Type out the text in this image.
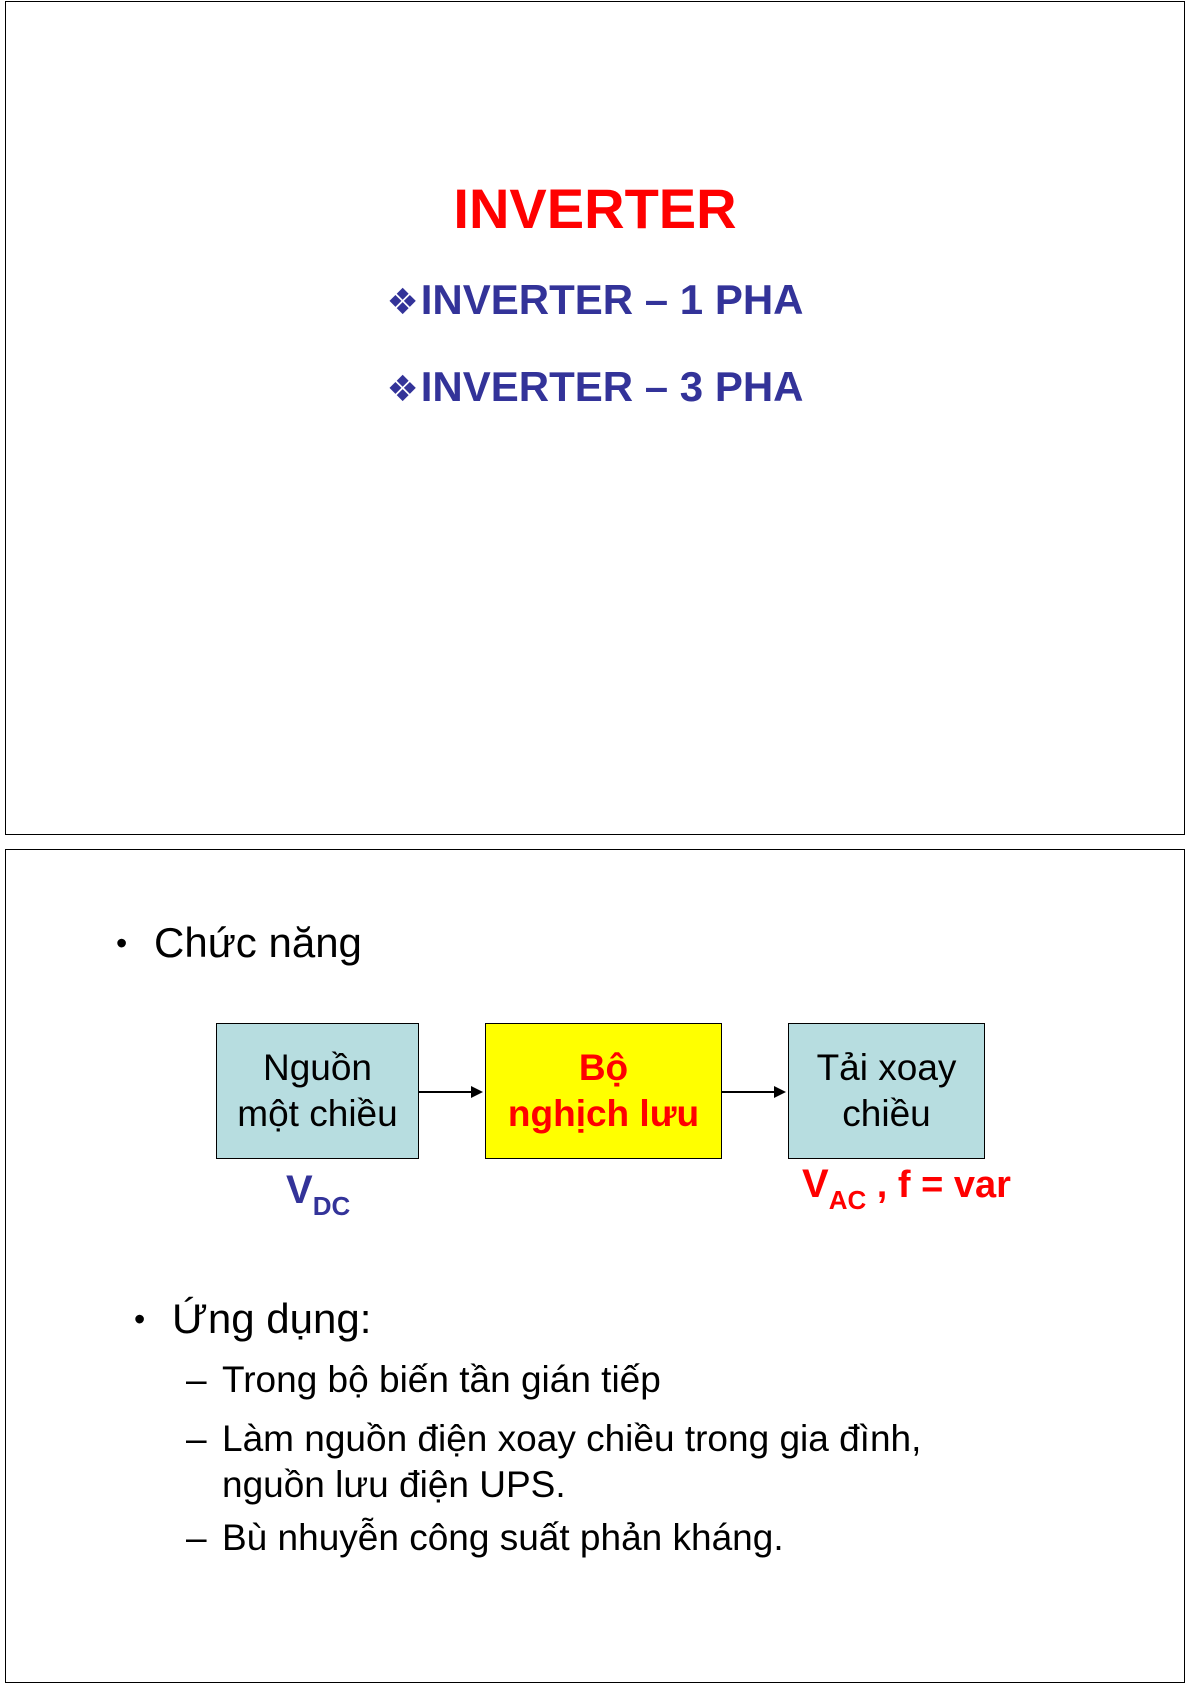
INVERTER
❖INVERTER – 1 PHA
❖INVERTER – 3 PHA
• Chức năng
Nguồn
một chiều
Bộ
nghịch lưu
Tải xoay
chiều
VDC	VAC , f = var
• Ứng dụng:
– Trong bộ biến tần gián tiếp
– Làm nguồn điện xoay chiều trong gia đình,
nguồn lưu điện UPS.
– Bù nhuyễn công suất phản kháng.
